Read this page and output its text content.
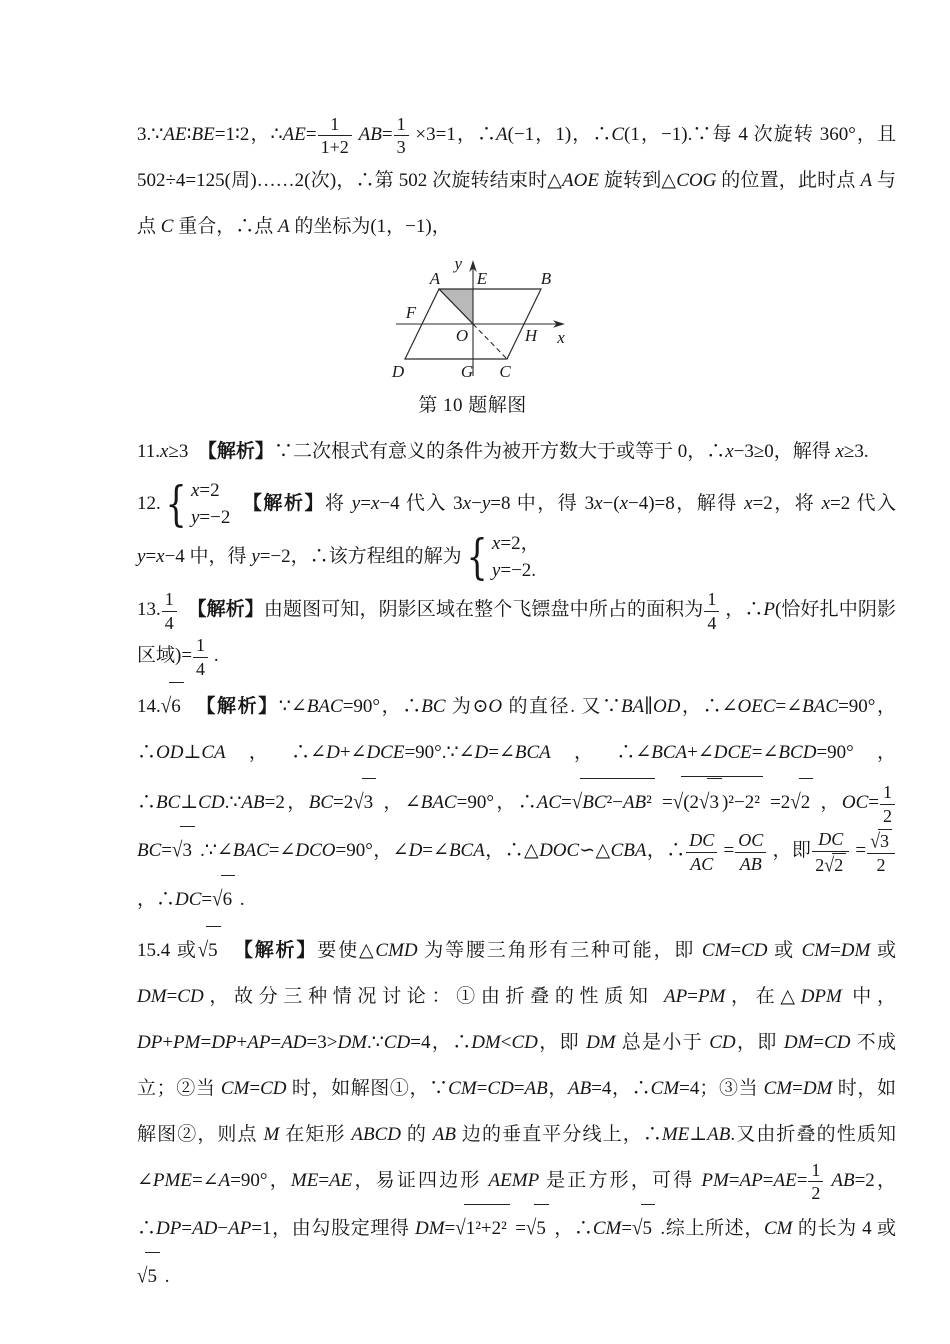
3.∵AE∶BE=1∶2，∴AE= $\frac{1}{1+2} AB= \frac{1}{3} \times 3=1$，∴A(−1，1)，∴C(1，−1).∵每 4 次旋转 360°，且 502÷4=125(周)……2(次)，∴第 502 次旋转结束时△AOE 旋转到△COG 的位置，此时点 A 与点 C 重合，∴点 A 的坐标为(1，−1)，

y
x
A E	B
F
O	H
D	G C
第 10 题解图

11.x≥3　【解析】∵二次根式有意义的条件为被开方数大于或等于 0，∴x−3≥0，解得 x≥3.

12. { x=2
y=−2
　【解析】将 y=x−4 代入 3x−y=8 中，得 3x−(x−4)=8，解得 x=2，将 x=2 代入 y=x−4 中，得 y=−2，∴该方程组的解为 { x=2，
y=−2.

13. $\frac{1}{4}$
　 【解析】由题图可知，阴影区域在整个飞镖盘中所占的面积为 $\frac{1}{4}$ ，∴P(恰好扎中阴影区域)= $\frac{1}{4}$ .

14.√6　 【解析】∵∠BAC=90°，∴BC 为⊙O 的直径. 又∵BA∥OD，∴∠OEC=∠BAC=90°，∴OD⊥CA，∴∠D+∠DCE=90°.∵∠D=∠BCA，∴∠BCA+∠DCE=∠BCD=90°，∴BC⊥CD.∵AB=2，BC=2√3 ，∠BAC=90°，∴AC=√BC²−AB² =√(2√3 )²−2² =2√2 ，$OC= \frac{1}{2}$
BC=√3 .∵∠BAC=∠DCO=90°，∠D=∠BCA，∴△DOC∽△CBA，∴ $\frac{DC}{AC} = \frac{OC}{AB}$ ，即 $\frac{DC}{2√2} = \frac{√3}{2}$
，∴DC=√6 .

15.4 或√5　 【解析】要使△CMD 为等腰三角形有三种可能，即 CM=CD 或 CM=DM 或 DM=CD，故分三种情况讨论：①由折叠的性质知 AP=PM，在△DPM 中，DP+PM=DP+AP=AD=3>DM.∵CD=4，∴DM<CD，即 DM 总是小于 CD，即 DM=CD 不成立；②当 CM=CD 时，如解图①，∵CM=CD=AB，AB=4，∴CM=4；③当 CM=DM 时，如解图②，则点 M 在矩形 ABCD 的 AB 边的垂直平分线上，∴ME⊥AB.又由折叠的性质知∠PME=∠A=90°，ME=AE，易证四边形 AEMP 是正方形，可得 $PM=AP=AE= \frac{1}{2} AB=2$，∴DP=AD−AP=1，由勾股定理得 DM=√1²+2² =√5 ，∴CM=√5 .综上所述，CM 的长为 4 或√5 .
